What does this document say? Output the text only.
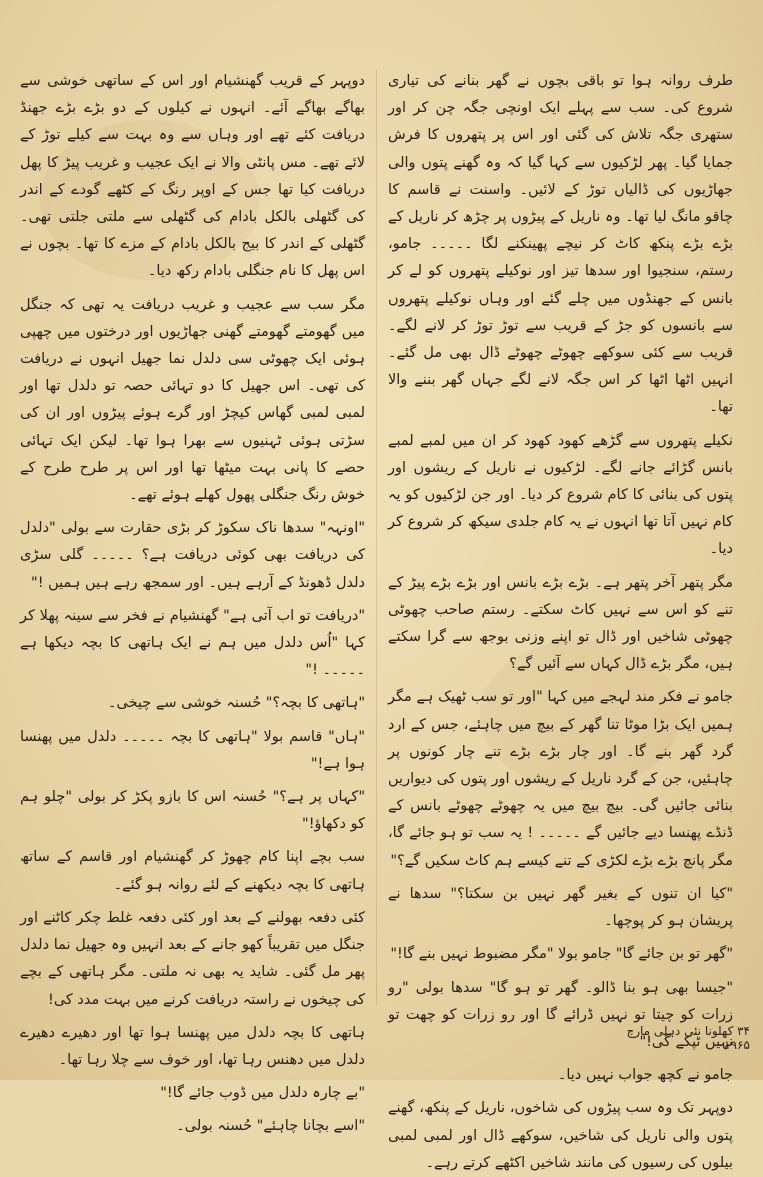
طرف روانہ ہوا تو باقی بچوں نے گھر بنانے کی تیاری شروع کی۔ سب سے پہلے ایک اونچی جگہ چن کر اور ستھری جگہ تلاش کی گئی اور اس پر پتھروں کا فرش جمایا گیا۔ پھر لڑکیوں سے کہا گیا کہ وہ گھنے پتوں والی جھاڑیوں کی ڈالیاں توڑ کے لائیں۔ واسنت نے قاسم کا چاقو مانگ لیا تھا۔ وہ ناریل کے پیڑوں پر چڑھ کر ناریل کے بڑے بڑے پنکھ کاٹ کر نیچے پھینکنے لگا ۔۔۔۔۔ جامو، رستم، سنجیوا اور سدھا تیز اور نوکیلے پتھروں کو لے کر بانس کے جھنڈوں میں چلے گئے اور وہاں نوکیلے پتھروں سے بانسوں کو جڑ کے قریب سے توڑ توڑ کر لانے لگے۔ قریب سے کئی سوکھے چھوٹے چھوٹے ڈال بھی مل گئے۔ انہیں اٹھا اٹھا کر اس جگہ لانے لگے جہاں گھر بننے والا تھا۔

نکیلے پتھروں سے گڑھے کھود کھود کر ان میں لمبے لمبے بانس گڑائے جانے لگے۔ لڑکیوں نے ناریل کے ریشوں اور پتوں کی بنائی کا کام شروع کر دیا۔ اور جن لڑکیوں کو یہ کام نہیں آتا تھا انہوں نے یہ کام جلدی سیکھ کر شروع کر دیا۔

مگر پتھر آخر پتھر ہے۔ بڑے بڑے بانس اور بڑے بڑے پیڑ کے تنے کو اس سے نہیں کاٹ سکتے۔ رستم صاحب چھوٹی چھوٹی شاخیں اور ڈال تو اپنے وزنی بوجھ سے گرا سکتے ہیں، مگر بڑے ڈال کہاں سے آئیں گے؟

جامو نے فکر مند لہجے میں کہا "اور تو سب ٹھیک ہے مگر ہمیں ایک بڑا موٹا تنا گھر کے بیچ میں چاہئے، جس کے ارد گرد گھر بنے گا۔ اور چار بڑے بڑے تنے چار کونوں پر چاہئیں، جن کے گرد ناریل کے ریشوں اور پتوں کی دیواریں بنائی جائیں گی۔ بیچ بیچ میں یہ چھوٹے چھوٹے بانس کے ڈنڈے پھنسا دیے جائیں گے ۔۔۔۔۔ ! یہ سب تو ہو جائے گا، مگر پانچ بڑے بڑے لکڑی کے تنے کیسے ہم کاٹ سکیں گے؟"

"کیا ان تنوں کے بغیر گھر نہیں بن سکتا؟" سدھا نے پریشان ہو کر پوچھا۔

"گھر تو بن جائے گا" جامو بولا "مگر مضبوط نہیں بنے گا!"

"جیسا بھی ہو بنا ڈالو۔ گھر تو ہو گا" سدھا بولی "رو زرات کو چیتا تو نہیں ڈرائے گا اور رو زرات کو چھت تو نہیں ٹپکے گی!"

جامو نے کچھ جواب نہیں دیا۔

دوپہر تک وہ سب پیڑوں کی شاخوں، ناریل کے پنکھ، گھنے پتوں والی ناریل کی شاخیں، سوکھے ڈال اور لمبی لمبی بیلوں کی رسیوں کی مانند شاخیں اکٹھے کرتے رہے۔

دوپہر کے قریب گھنشیام اور اس کے ساتھی خوشی سے بھاگے بھاگے آئے۔ انہوں نے کیلوں کے دو بڑے بڑے جھنڈ دریافت کئے تھے اور وہاں سے وہ بہت سے کیلے توڑ کے لائے تھے۔ مس پانٹی والا نے ایک عجیب و غریب پیڑ کا پھل دریافت کیا تھا جس کے اوپر رنگ کے کٹھے گودے کے اندر کی گٹھلی بالکل بادام کی گٹھلی سے ملتی جلتی تھی۔ گٹھلی کے اندر کا بیج بالکل بادام کے مزے کا تھا۔ بچوں نے اس پھل کا نام جنگلی بادام رکھ دیا۔

مگر سب سے عجیب و غریب دریافت یہ تھی کہ جنگل میں گھومتے گھومتے گھنی جھاڑیوں اور درختوں میں چھپی ہوئی ایک چھوٹی سی دلدل نما جھیل انہوں نے دریافت کی تھی۔ اس جھیل کا دو تہائی حصہ تو دلدل تھا اور لمبی لمبی گھاس کیچڑ اور گرے ہوئے پیڑوں اور ان کی سڑتی ہوئی ٹہنیوں سے بھرا ہوا تھا۔ لیکن ایک تہائی حصے کا پانی بہت میٹھا تھا اور اس پر طرح طرح کے خوش رنگ جنگلی پھول کھلے ہوئے تھے۔

"اونہہ" سدھا ناک سکوڑ کر بڑی حقارت سے بولی "دلدل کی دریافت بھی کوئی دریافت ہے؟ ۔۔۔۔۔ گلی سڑی دلدل ڈھونڈ کے آرہے ہیں۔ اور سمجھ رہے ہیں ہمیں !"

"دریافت تو اب آتی ہے" گھنشیام نے فخر سے سینہ پھلا کر کہا "اُس دلدل میں ہم نے ایک ہاتھی کا بچہ دیکھا ہے ۔۔۔۔۔ !"

"ہاتھی کا بچہ؟" حُسنہ خوشی سے چیخی۔

"ہاں" قاسم بولا "ہاتھی کا بچہ ۔۔۔۔۔ دلدل میں پھنسا ہوا ہے!"

"کہاں پر ہے؟" حُسنہ اس کا بازو پکڑ کر بولی "چلو ہم کو دکھاؤ!"

سب بچے اپنا کام چھوڑ کر گھنشیام اور قاسم کے ساتھ ہاتھی کا بچہ دیکھنے کے لئے روانہ ہو گئے۔

کئی دفعہ بھولنے کے بعد اور کئی دفعہ غلط چکر کاٹنے اور جنگل میں تقریباً کھو جانے کے بعد انہیں وہ جھیل نما دلدل پھر مل گئی۔ شاید یہ بھی نہ ملتی۔ مگر ہاتھی کے بچے کی چیخوں نے راستہ دریافت کرنے میں بہت مدد کی!

ہاتھی کا بچہ دلدل میں پھنسا ہوا تھا اور دھیرے دھیرے دلدل میں دھنس رہا تھا، اور خوف سے چلا رہا تھا۔

"بے چارہ دلدل میں ڈوب جائے گا!"

"اسے بچانا چاہئے" حُسنہ بولی۔

۳۴ کھلونا نئی دہلی مارچ ۱۹۶۵
